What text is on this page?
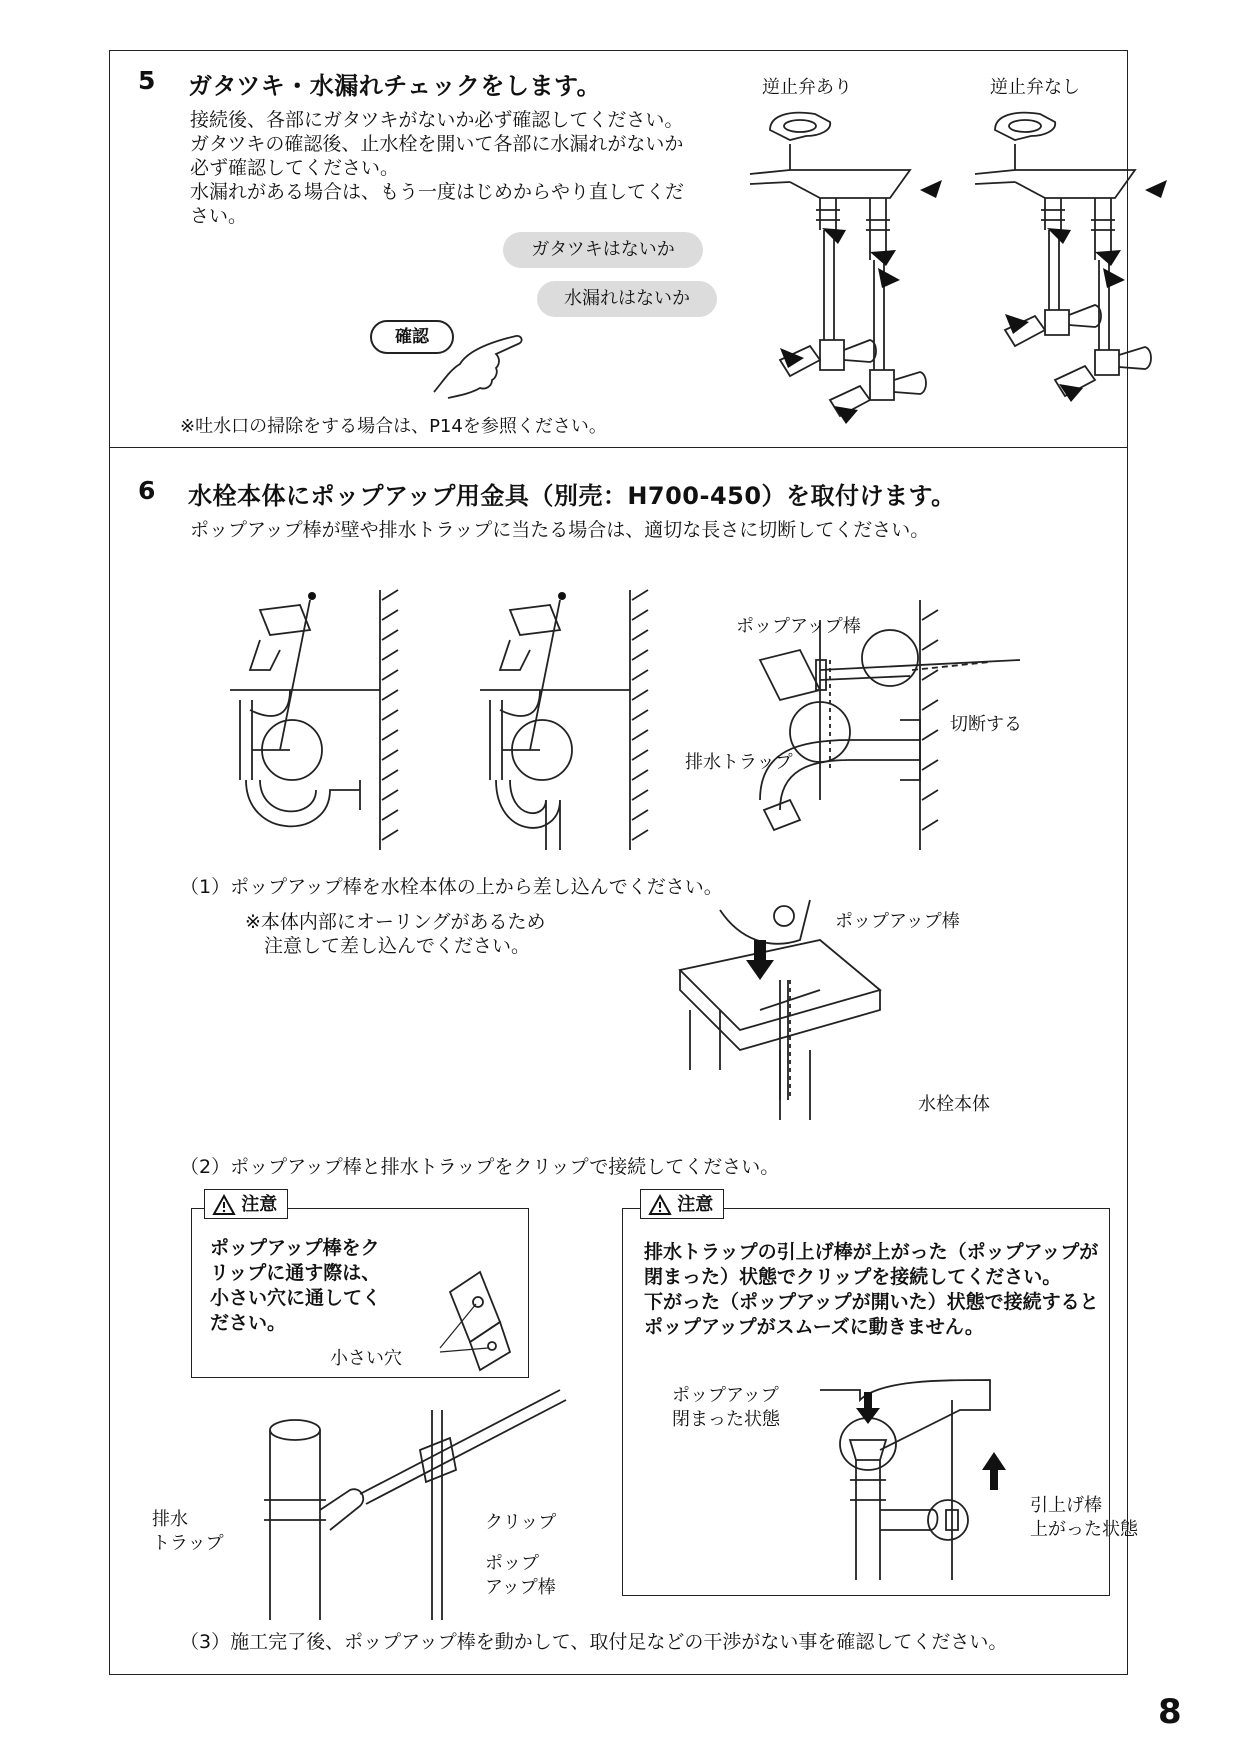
5 ガタツキ・水漏れチェックをします。
接続後、各部にガタツキがないか必ず確認してください。
ガタツキの確認後、止水栓を開いて各部に水漏れがないか
必ず確認してください。
水漏れがある場合は、もう一度はじめからやり直してくだ
さい。
ガタツキはないか
水漏れはないか
確認
※吐水口の掃除をする場合は、P14を参照ください。
逆止弁あり	逆止弁なし
6 水栓本体にポップアップ用金具（別売：H700-450）を取付けます。
ポップアップ棒が壁や排水トラップに当たる場合は、適切な長さに切断してください。
ポップアップ棒
切断する
排水トラップ
（1）ポップアップ棒を水栓本体の上から差し込んでください。
※本体内部にオーリングがあるため
　注意して差し込んでください。
ポップアップ棒
水栓本体
（2）ポップアップ棒と排水トラップをクリップで接続してください。
注意
ポップアップ棒をク
リップに通す際は、
小さい穴に通してく
ださい。
小さい穴
注意
排水トラップの引上げ棒が上がった（ポップアップが
閉まった）状態でクリップを接続してください。
下がった（ポップアップが開いた）状態で接続すると
ポップアップがスムーズに動きません。
ポップアップ
閉まった状態
引上げ棒
上がった状態
排水
トラップ
クリップ
ポップ
アップ棒
（3）施工完了後、ポップアップ棒を動かして、取付足などの干渉がない事を確認してください。
8
